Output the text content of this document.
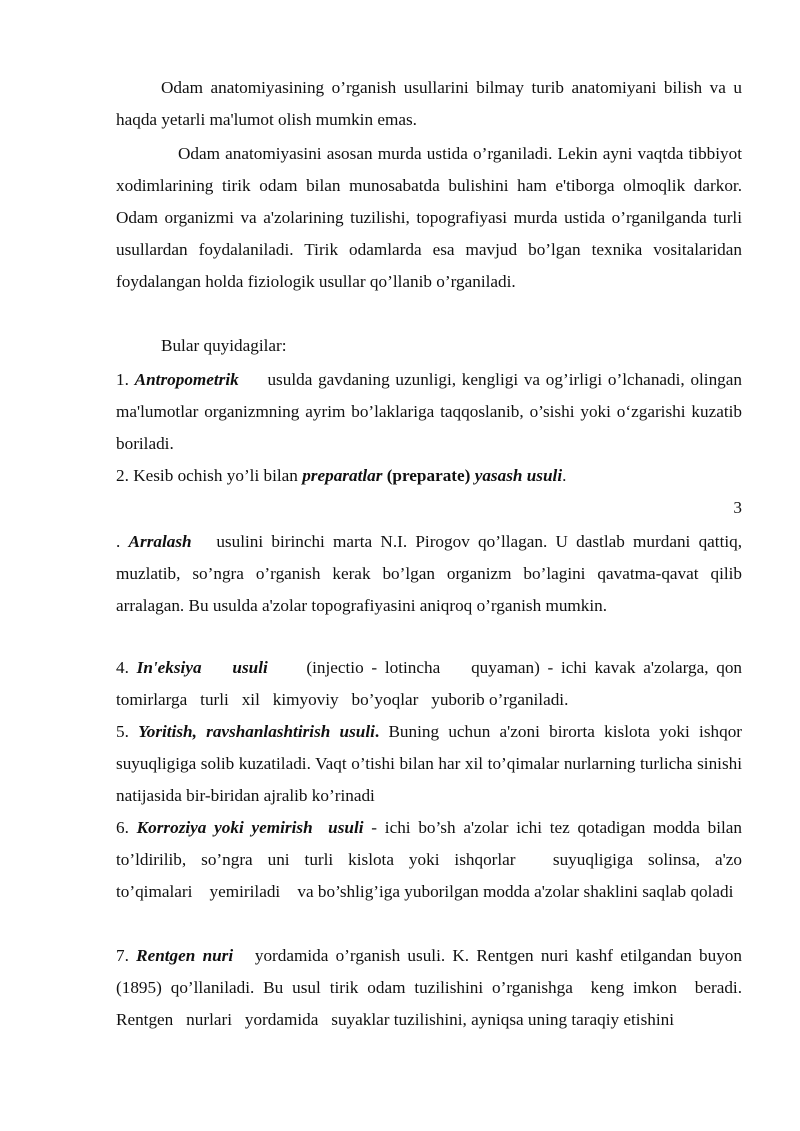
Odam anatomiyasining o’rganish usullarini bilmay turib anatomiyani bilish va u haqda yetarli ma'lumot olish mumkin emas.
Odam anatomiyasini asosan murda ustida o’rganiladi. Lekin ayni vaqtda tibbiyot xodimlarining tirik odam bilan munosabatda bulishini ham e'tiborga olmoqlik darkor. Odam organizmi va a'zolarining tuzilishi, topografiyasi murda ustida o’rganilganda turli usullardan foydalaniladi. Tirik odamlarda esa mavjud bo’lgan texnika vositalaridan foydalangan holda fiziologik usullar qo’llanib o’rganiladi.
Bular quyidagilar:
1. Antropometrik     usulda gavdaning uzunligi, kengligi va og’irligi o’lchanadi, olingan    ma'lumotlar organizmning ayrim bo’laklariga taqqoslanib, o’sishi yoki o‘zgarishi kuzatib boriladi.
2. Kesib ochish yo’li bilan preparatlar (preparate) yasash usuli.
3
. Arralash   usulini birinchi marta N.I. Pirogov qo’llagan. U dastlab murdani qattiq, muzlatib, so’ngra o’rganish kerak bo’lgan organizm bo’lagini qavatma-qavat qilib arralagan. Bu usulda a'zolar topografiyasini aniqroq o’rganish mumkin.
4. In'eksiya    usuli     (injectio - lotincha    quyaman) - ichi kavak a'zolarga, qon tomirlarga   turli   xil   kimyoviy   bo’yoqlar   yuborib o’rganiladi.
5. Yoritish, ravshanlashtirish usuli. Buning uchun a'zoni birorta kislota yoki ishqor suyuqligiga solib kuzatiladi. Vaqt o’tishi bilan har xil to’qimalar nurlarning turlicha sinishi natijasida bir-biridan ajralib ko’rinadi
6. Korroziya yoki yemirish  usuli - ichi bo’sh a'zolar ichi tez qotadigan modda bilan to’ldirilib,  so’ngra  uni  turli  kislota  yoki  ishqorlar     suyuqligiga  solinsa,  a'zo to’qimalari    yemiriladi    va bo’shlig’iga yuborilgan modda a'zolar shaklini saqlab qoladi
7. Rentgen nuri   yordamida o’rganish usuli. K. Rentgen nuri kashf etilgandan buyon (1895) qo’llaniladi. Bu usul tirik odam tuzilishini o’rganishga  keng imkon  beradi.  Rentgen   nurlari   yordamida   suyaklar tuzilishini, ayniqsa uning taraqiy etishini
